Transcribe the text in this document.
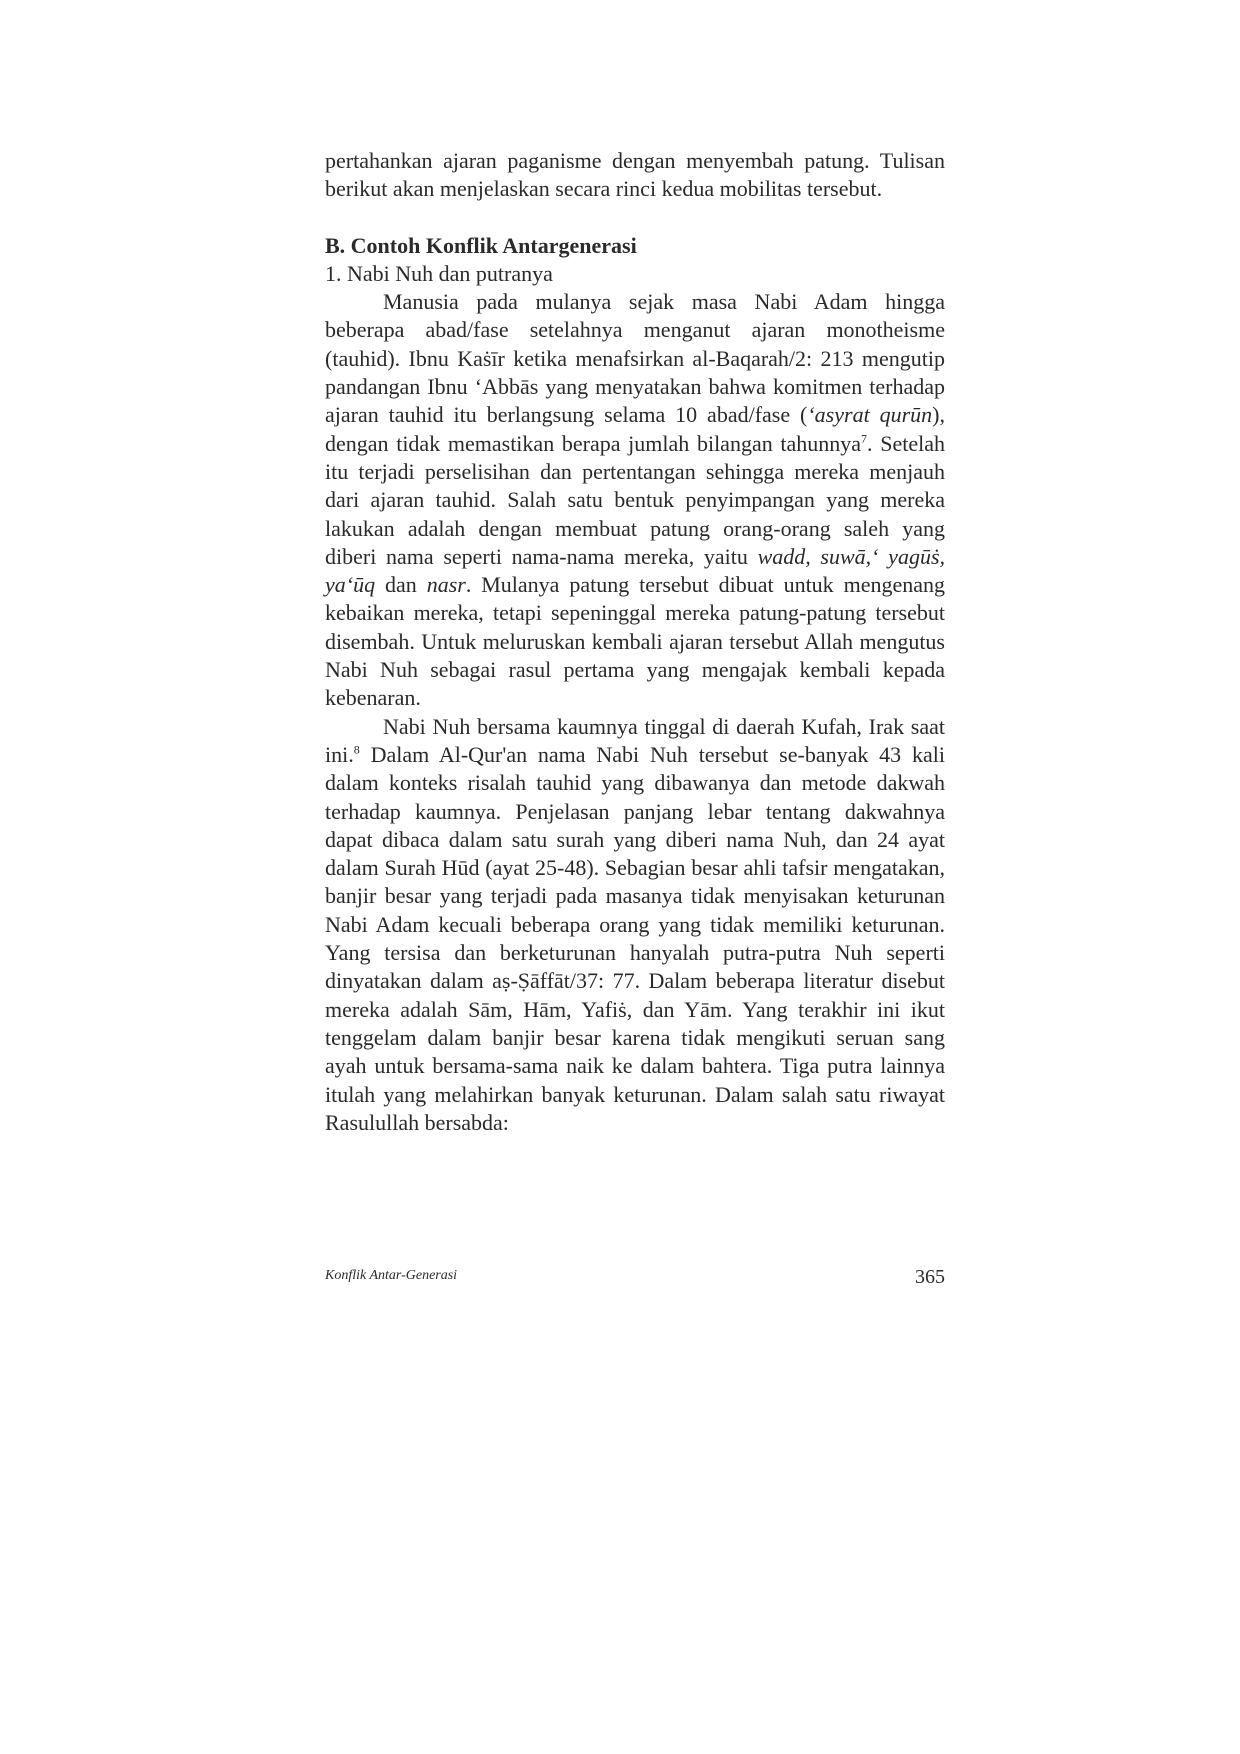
pertahankan ajaran paganisme dengan menyembah patung. Tulisan berikut akan menjelaskan secara rinci kedua mobilitas tersebut.

B. Contoh Konflik Antargenerasi
1. Nabi Nuh dan putranya

Manusia pada mulanya sejak masa Nabi Adam hingga beberapa abad/fase setelahnya menganut ajaran monotheisme (tauhid). Ibnu Kaṡīr ketika menafsirkan al-Baqarah/2: 213 mengutip pandangan Ibnu ‘Abbās yang menyatakan bahwa komitmen terhadap ajaran tauhid itu berlangsung selama 10 abad/fase (‘asyrat qurūn), dengan tidak memastikan berapa jumlah bilangan tahunnya$^7$. Setelah itu terjadi perselisihan dan pertentangan sehingga mereka menjauh dari ajaran tauhid. Salah satu bentuk penyimpangan yang mereka lakukan adalah dengan membuat patung orang-orang saleh yang diberi nama seperti nama-nama mereka, yaitu wadd, suwā,‘ yagūṡ, ya‘ūq dan nasr. Mulanya patung tersebut dibuat untuk mengenang kebaikan mereka, tetapi sepeninggal mereka patung-patung tersebut disembah. Untuk meluruskan kembali ajaran tersebut Allah mengutus Nabi Nuh sebagai rasul pertama yang mengajak kembali kepada kebenaran.

Nabi Nuh bersama kaumnya tinggal di daerah Kufah, Irak saat ini.$^8$ Dalam Al-Qur'an nama Nabi Nuh tersebut se-banyak 43 kali dalam konteks risalah tauhid yang dibawanya dan metode dakwah terhadap kaumnya. Penjelasan panjang lebar tentang dakwahnya dapat dibaca dalam satu surah yang diberi nama Nuh, dan 24 ayat dalam Surah Hūd (ayat 25-48). Sebagian besar ahli tafsir mengatakan, banjir besar yang terjadi pada masanya tidak menyisakan keturunan Nabi Adam kecuali beberapa orang yang tidak memiliki keturunan. Yang tersisa dan berketurunan hanyalah putra-putra Nuh seperti dinyatakan dalam aṣ-Ṣāffāt/37: 77. Dalam beberapa literatur disebut mereka adalah Sām, Hām, Yafiṡ, dan Yām. Yang terakhir ini ikut tenggelam dalam banjir besar karena tidak mengikuti seruan sang ayah untuk bersama-sama naik ke dalam bahtera. Tiga putra lainnya itulah yang melahirkan banyak keturunan. Dalam salah satu riwayat Rasulullah bersabda:

Konflik Antar-Generasi	365
